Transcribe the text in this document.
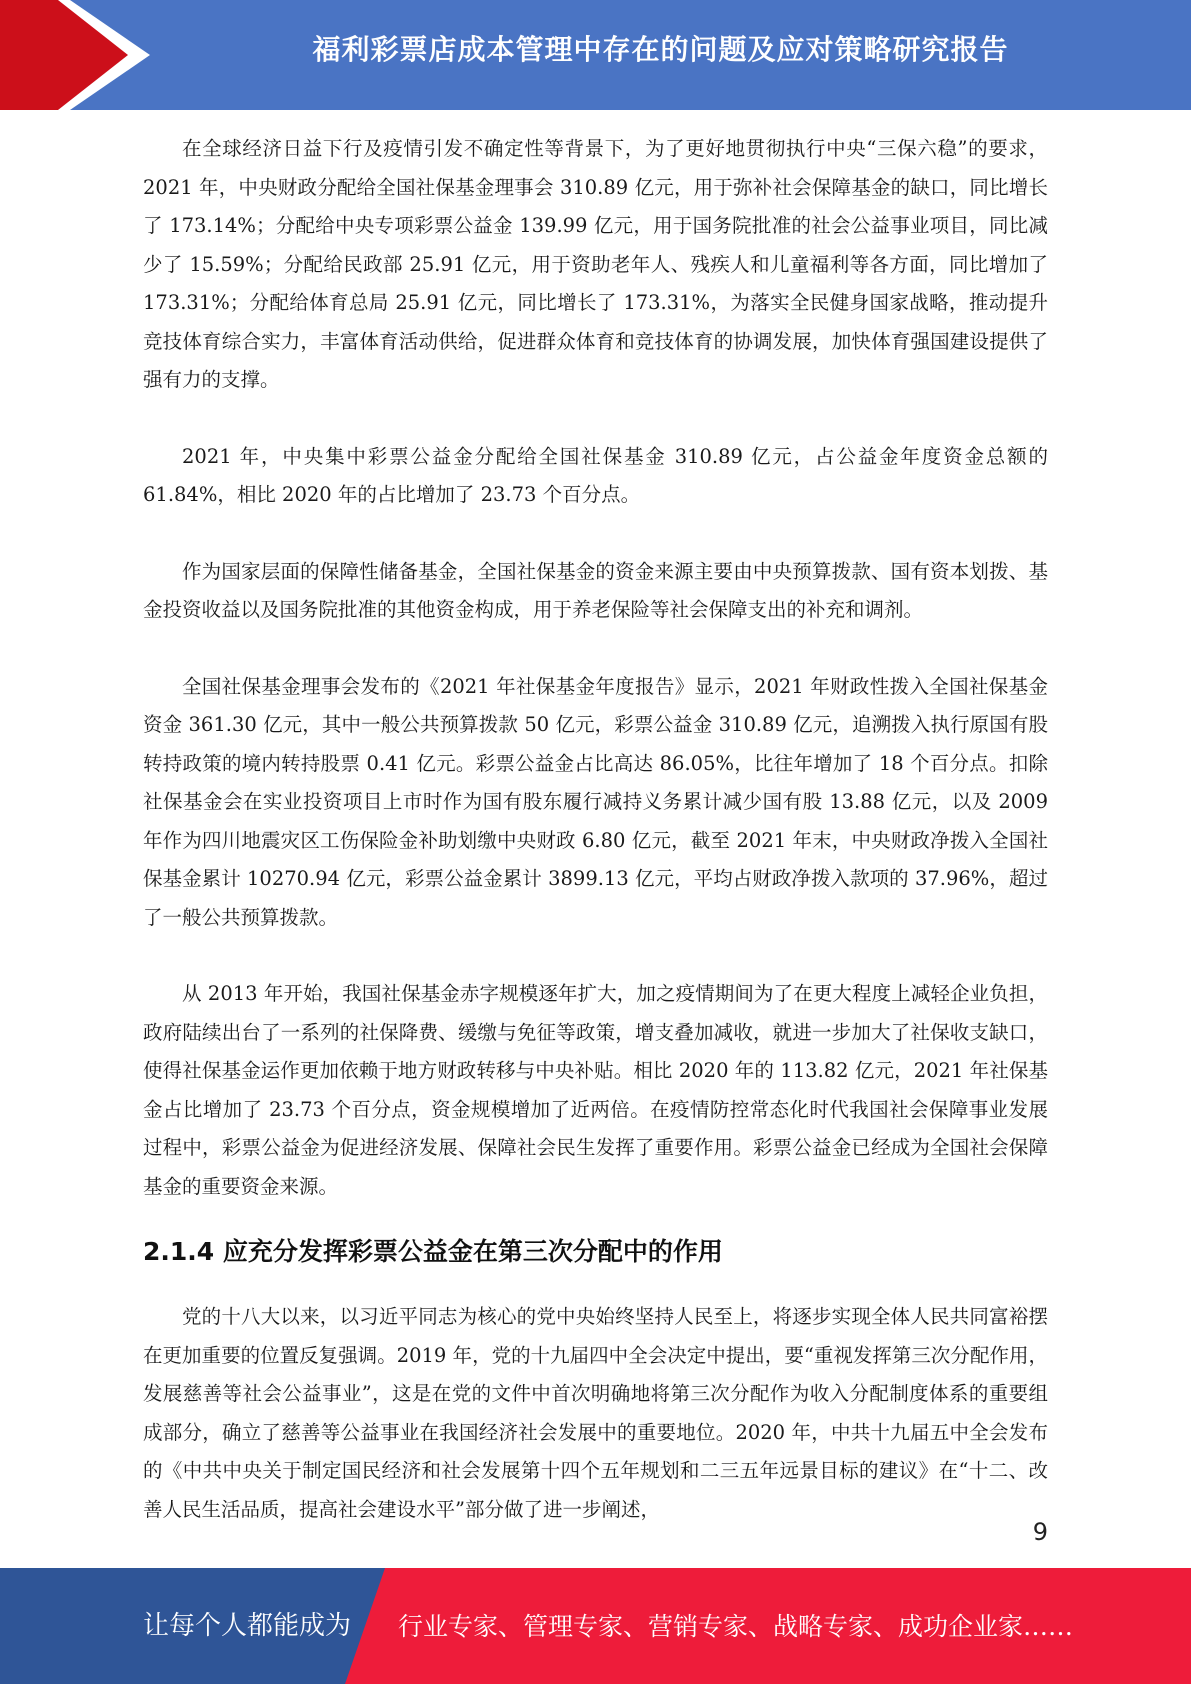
福利彩票店成本管理中存在的问题及应对策略研究报告

在全球经济日益下行及疫情引发不确定性等背景下，为了更好地贯彻执行中央“三保六稳”的要求，2021 年，中央财政分配给全国社保基金理事会 310.89 亿元，用于弥补社会保障基金的缺口，同比增长了 173.14%；分配给中央专项彩票公益金 139.99 亿元，用于国务院批准的社会公益事业项目，同比减少了 15.59%；分配给民政部 25.91 亿元，用于资助老年人、残疾人和儿童福利等各方面，同比增加了 173.31%；分配给体育总局 25.91 亿元，同比增长了 173.31%，为落实全民健身国家战略，推动提升竞技体育综合实力，丰富体育活动供给，促进群众体育和竞技体育的协调发展，加快体育强国建设提供了强有力的支撑。

2021 年，中央集中彩票公益金分配给全国社保基金 310.89 亿元，占公益金年度资金总额的 61.84%，相比 2020 年的占比增加了 23.73 个百分点。

作为国家层面的保障性储备基金，全国社保基金的资金来源主要由中央预算拨款、国有资本划拨、基金投资收益以及国务院批准的其他资金构成，用于养老保险等社会保障支出的补充和调剂。

全国社保基金理事会发布的《2021 年社保基金年度报告》显示，2021 年财政性拨入全国社保基金资金 361.30 亿元，其中一般公共预算拨款 50 亿元，彩票公益金 310.89 亿元，追溯拨入执行原国有股转持政策的境内转持股票 0.41 亿元。彩票公益金占比高达 86.05%，比往年增加了 18 个百分点。扣除社保基金会在实业投资项目上市时作为国有股东履行减持义务累计减少国有股 13.88 亿元，以及 2009 年作为四川地震灾区工伤保险金补助划缴中央财政 6.80 亿元，截至 2021 年末，中央财政净拨入全国社保基金累计 10270.94 亿元，彩票公益金累计 3899.13 亿元，平均占财政净拨入款项的 37.96%，超过了一般公共预算拨款。

从 2013 年开始，我国社保基金赤字规模逐年扩大，加之疫情期间为了在更大程度上减轻企业负担，政府陆续出台了一系列的社保降费、缓缴与免征等政策，增支叠加减收，就进一步加大了社保收支缺口，使得社保基金运作更加依赖于地方财政转移与中央补贴。相比 2020 年的 113.82 亿元，2021 年社保基金占比增加了 23.73 个百分点，资金规模增加了近两倍。在疫情防控常态化时代我国社会保障事业发展过程中，彩票公益金为促进经济发展、保障社会民生发挥了重要作用。彩票公益金已经成为全国社会保障基金的重要资金来源。

2.1.4 应充分发挥彩票公益金在第三次分配中的作用

党的十八大以来，以习近平同志为核心的党中央始终坚持人民至上，将逐步实现全体人民共同富裕摆在更加重要的位置反复强调。2019 年，党的十九届四中全会决定中提出，要“重视发挥第三次分配作用，发展慈善等社会公益事业”，这是在党的文件中首次明确地将第三次分配作为收入分配制度体系的重要组成部分，确立了慈善等公益事业在我国经济社会发展中的重要地位。2020 年，中共十九届五中全会发布的《中共中央关于制定国民经济和社会发展第十四个五年规划和二三五年远景目标的建议》在“十二、改善人民生活品质，提高社会建设水平”部分做了进一步阐述，

9
让每个人都能成为 行业专家、管理专家、营销专家、战略专家、成功企业家……
